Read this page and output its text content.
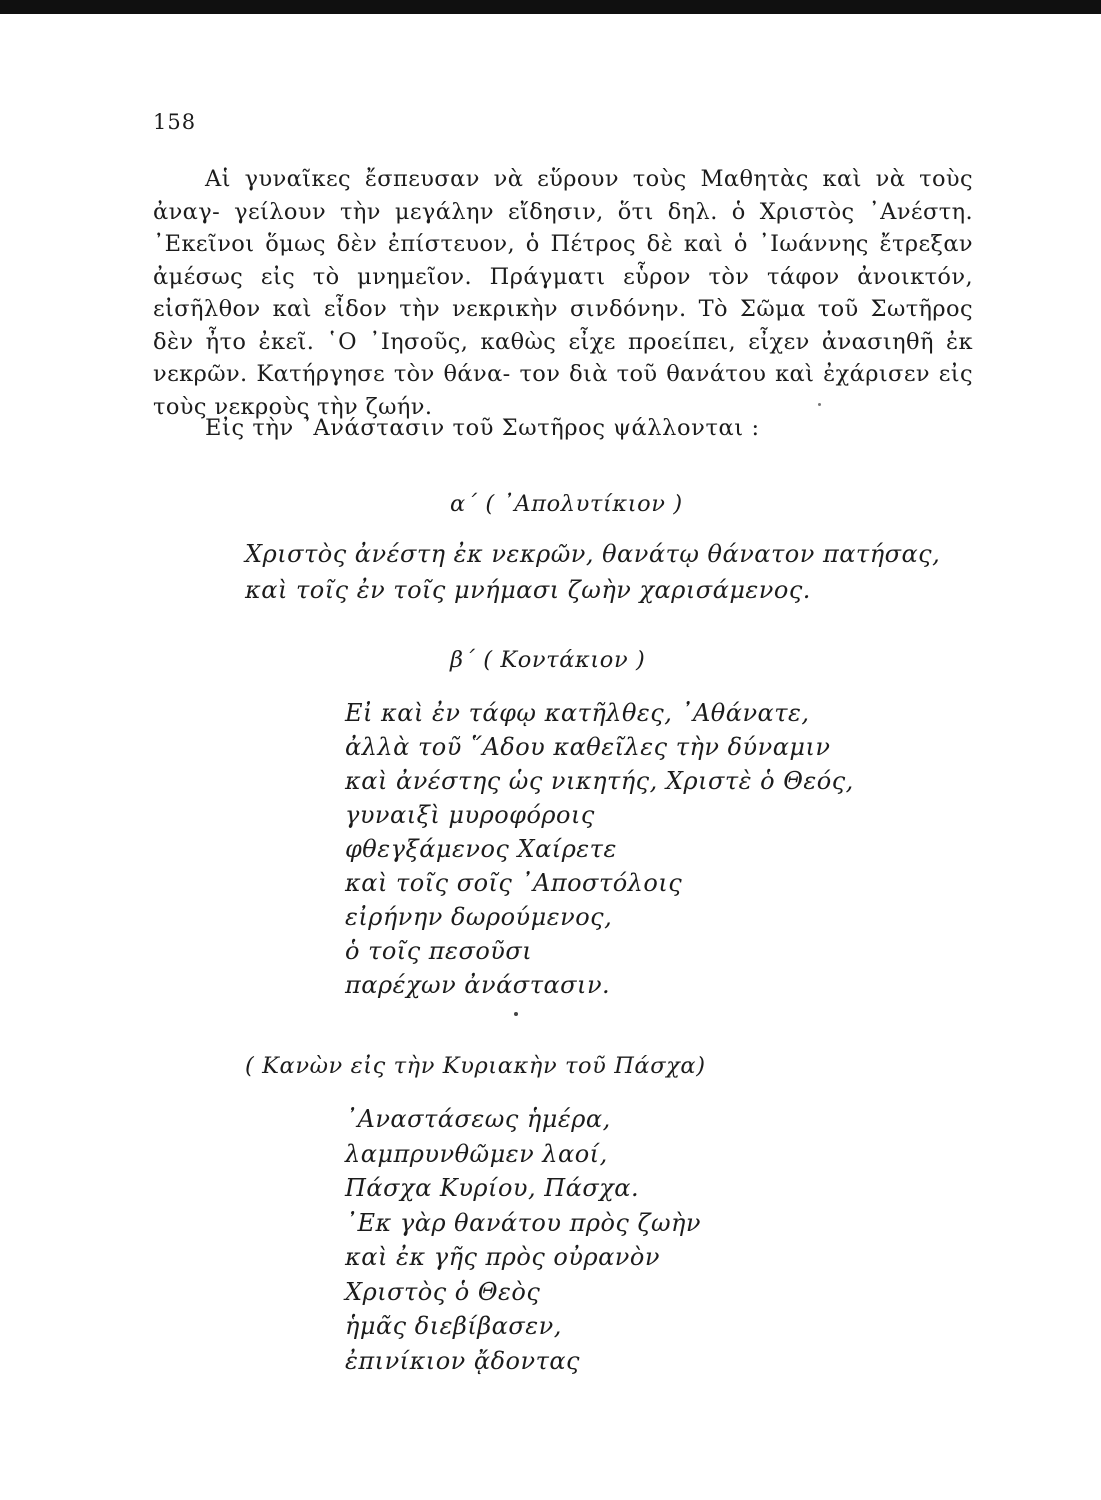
158

Αἱ γυναῖκες ἔσπευσαν νὰ εὕρουν τοὺς Μαθητὰς καὶ νὰ τοὺς ἀναγ- γείλουν τὴν μεγάλην εἴδησιν, ὅτι δηλ. ὁ Χριστὸς ᾿Ανέστη. ᾿Εκεῖνοι ὅμως δὲν ἐπίστευον, ὁ Πέτρος δὲ καὶ ὁ ᾿Ιωάννης ἔτρεξαν ἀμέσως εἰς τὸ μνημεῖον. Πράγματι εὗρον τὸν τάφον ἀνοικτόν, εἰσῆλθον καὶ εἶδον τὴν νεκρικὴν σινδόνην. Τὸ Σῶμα τοῦ Σωτῆρος δὲν ἦτο ἐκεῖ. ῾Ο ᾿Ιησοῦς, καθὼς εἶχε προείπει, εἶχεν ἀνασιηθῆ ἐκ νεκρῶν. Κατήργησε τὸν θάνα- τον διὰ τοῦ θανάτου καὶ ἐχάρισεν εἰς τοὺς νεκροὺς τὴν ζωήν.

Εἰς τὴν ᾿Ανάστασιν τοῦ Σωτῆρος ψάλλονται :
α΄ ( ᾿Απολυτίκιον )
Χριστὸς ἀνέστη ἐκ νεκρῶν, θανάτῳ θάνατον πατήσας,
καὶ τοῖς ἐν τοῖς μνήμασι ζωὴν χαρισάμενος.
β΄ ( Κοντάκιον )
Εἰ καὶ ἐν τάφῳ κατῆλθες, ᾿Αθάνατε,
ἀλλὰ τοῦ ῞Αδου καθεῖλες τὴν δύναμιν
καὶ ἀνέστης ὡς νικητής, Χριστὲ ὁ Θεός,
γυναιξὶ μυροφόροις
φθεγξάμενος Χαίρετε
καὶ τοῖς σοῖς ᾿Αποστόλοις
εἰρήνην δωρούμενος,
ὁ τοῖς πεσοῦσι
παρέχων ἀνάστασιν.
( Κανὼν εἰς τὴν Κυριακὴν τοῦ Πάσχα)
᾿Αναστάσεως ἡμέρα,
λαμπρυνθῶμεν λαοί,
Πάσχα Κυρίου, Πάσχα.
᾿Εκ γὰρ θανάτου πρὸς ζωὴν
καὶ ἐκ γῆς πρὸς οὐρανὸν
Χριστὸς ὁ Θεὸς
ἡμᾶς διεβίβασεν,
ἐπινίκιον ᾄδοντας
